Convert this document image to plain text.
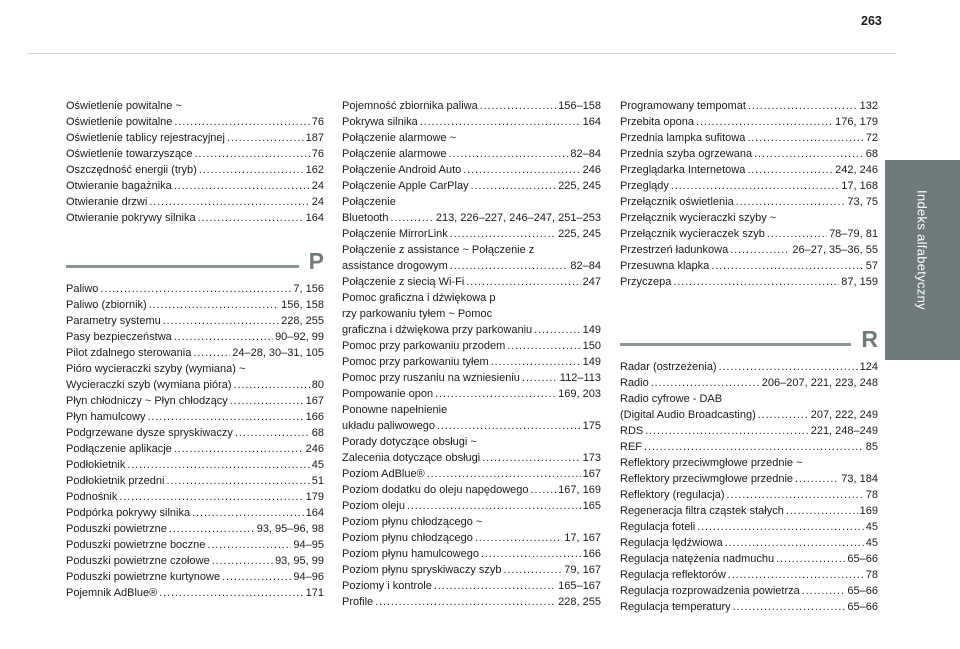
263
Indeks alfabetyczny
Oświetlenie powitalne ~
Oświetlenie powitalne . . .	76
Oświetlenie tablicy rejestracyjnej . . .	187
Oświetlenie towarzyszące . . .	76
Oszczędność energii (tryb) . . .	162
Otwieranie bagażnika . . .	24
Otwieranie drzwi . . .	24
Otwieranie pokrywy silnika . . .	164
P
Paliwo . . .	7, 156
Paliwo (zbiornik) . . .	156, 158
Parametry systemu . . .	228, 255
Pasy bezpieczeństwa . . .	90–92, 99
Pilot zdalnego sterowania . . .	24–28, 30–31, 105
Pióro wycieraczki szyby (wymiana) ~
Wycieraczki szyb (wymiana pióra) . . .	80
Płyn chłodniczy ~ Płyn chłodzący . . .	167
Płyn hamulcowy . . .	166
Podgrzewane dysze spryskiwaczy . . .	68
Podłączenie aplikacje . . .	246
Podłokietnik . . .	45
Podłokietnik przedni . . .	51
Podnośnik . . .	179
Podpórka pokrywy silnika . . .	164
Poduszki powietrzne . . .	93, 95–96, 98
Poduszki powietrzne boczne . . .	94–95
Poduszki powietrzne czołowe . . .	93, 95, 99
Poduszki powietrzne kurtynowe . . .	94–96
Pojemnik AdBlue® . . .	171
Pojemność zbiornika paliwa . . .	156–158
Pokrywa silnika . . .	164
Połączenie alarmowe ~
Połączenie alarmowe . . .	82–84
Połączenie Android Auto . . .	246
Połączenie Apple CarPlay . . .	225, 245
Połączenie
Bluetooth . . .	213, 226–227, 246–247, 251–253
Połączenie MirrorLink . . .	225, 245
Połączenie z assistance ~ Połączenie z
assistance drogowym . . .	82–84
Połączenie z siecią Wi-Fi . . .	247
Pomoc graficzna i dźwiękowa p
rzy parkowaniu tyłem ~ Pomoc
graficzna i dźwiękowa przy parkowaniu . . .	149
Pomoc przy parkowaniu przodem . . .	150
Pomoc przy parkowaniu tyłem . . .	149
Pomoc przy ruszaniu na wzniesieniu . . .	112–113
Pompowanie opon . . .	169, 203
Ponowne napełnienie
układu paliwowego . . .	175
Porady dotyczące obsługi ~
Zalecenia dotyczące obsługi . . .	173
Poziom AdBlue® . . .	167
Poziom dodatku do oleju napędowego . . .	167, 169
Poziom oleju . . .	165
Poziom płynu chłodzącego ~
Poziom płynu chłodzącego . . .	17, 167
Poziom płynu hamulcowego . . .	166
Poziom płynu spryskiwaczy szyb . . .	79, 167
Poziomy i kontrole . . .	165–167
Profile . . .	228, 255
Programowany tempomat . . .	132
Przebita opona . . .	176, 179
Przednia lampka sufitowa . . .	72
Przednia szyba ogrzewana . . .	68
Przeglądarka Internetowa . . .	242, 246
Przeglądy . . .	17, 168
Przełącznik oświetlenia . . .	73, 75
Przełącznik wycieraczki szyby ~
Przełącznik wycieraczek szyb . . .	78–79, 81
Przestrzeń ładunkowa . . .	26–27, 35–36, 55
Przesuwna klapka . . .	57
Przyczepa . . .	87, 159
R
Radar (ostrzeżenia) . . .	124
Radio . . .	206–207, 221, 223, 248
Radio cyfrowe - DAB
(Digital Audio Broadcasting) . . .	207, 222, 249
RDS . . .	221, 248–249
REF . . .	85
Reflektory przeciwmgłowe przednie ~
Reflektory przeciwmgłowe przednie . . .	73, 184
Reflektory (regulacja) . . .	78
Regeneracja filtra cząstek stałych . . .	169
Regulacja foteli . . .	45
Regulacja lędźwiowa . . .	45
Regulacja natężenia nadmuchu . . .	65–66
Regulacja reflektorów . . .	78
Regulacja rozprowadzenia powietrza . . .	65–66
Regulacja temperatury . . .	65–66
